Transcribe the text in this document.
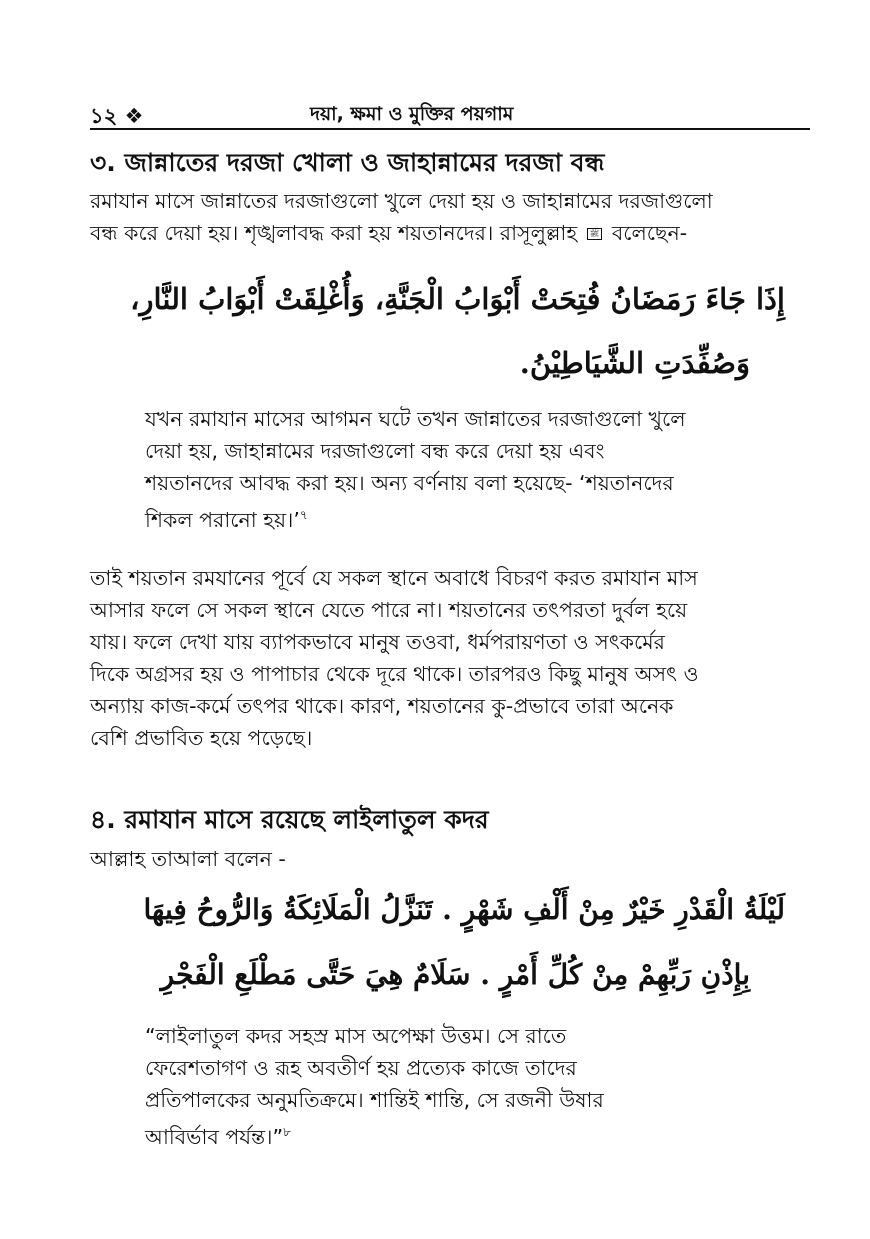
১২ ❖	দয়া, ক্ষমা ও মুক্তির পয়গাম
৩. জান্নাতের দরজা খোলা ও জাহান্নামের দরজা বন্ধ
রমাযান মাসে জান্নাতের দরজাগুলো খুলে দেয়া হয় ও জাহান্নামের দরজাগুলো
বন্ধ করে দেয়া হয়। শৃঙ্খলাবদ্ধ করা হয় শয়তানদের। রাসূলুল্লাহ ﷺ বলেছেন-
إِذَا جَاءَ رَمَضَانُ فُتِحَتْ أَبْوَابُ الْجَنَّةِ، وَأُغْلِقَتْ أَبْوَابُ النَّارِ،
وَصُفِّدَتِ الشَّيَاطِيْنُ.
যখন রমাযান মাসের আগমন ঘটে তখন জান্নাতের দরজাগুলো খুলে
দেয়া হয়, জাহান্নামের দরজাগুলো বন্ধ করে দেয়া হয় এবং
শয়তানদের আবদ্ধ করা হয়। অন্য বর্ণনায় বলা হয়েছে- ‘শয়তানদের
শিকল পরানো হয়।’$^৭$
তাই শয়তান রমযানের পূর্বে যে সকল স্থানে অবাধে বিচরণ করত রমাযান মাস
আসার ফলে সে সকল স্থানে যেতে পারে না। শয়তানের তৎপরতা দুর্বল হয়ে
যায়। ফলে দেখা যায় ব্যাপকভাবে মানুষ তওবা, ধর্মপরায়ণতা ও সৎকর্মের
দিকে অগ্রসর হয় ও পাপাচার থেকে দূরে থাকে। তারপরও কিছু মানুষ অসৎ ও
অন্যায় কাজ-কর্মে তৎপর থাকে। কারণ, শয়তানের কু-প্রভাবে তারা অনেক
বেশি প্রভাবিত হয়ে পড়েছে।
৪. রমাযান মাসে রয়েছে লাইলাতুল কদর
আল্লাহ তাআলা বলেন -
لَيْلَةُ الْقَدْرِ خَيْرٌ مِنْ أَلْفِ شَهْرٍ . تَنَزَّلُ الْمَلَائِكَةُ وَالرُّوحُ فِيهَا
بِإِذْنِ رَبِّهِمْ مِنْ كُلِّ أَمْرٍ . سَلَامٌ هِيَ حَتَّى مَطْلَعِ الْفَجْرِ
“লাইলাতুল কদর সহস্র মাস অপেক্ষা উত্তম। সে রাতে
ফেরেশতাগণ ও রূহ অবতীর্ণ হয় প্রত্যেক কাজে তাদের
প্রতিপালকের অনুমতিক্রমে। শান্তিই শান্তি, সে রজনী উষার
আবির্ভাব পর্যন্ত।”$^৮$
